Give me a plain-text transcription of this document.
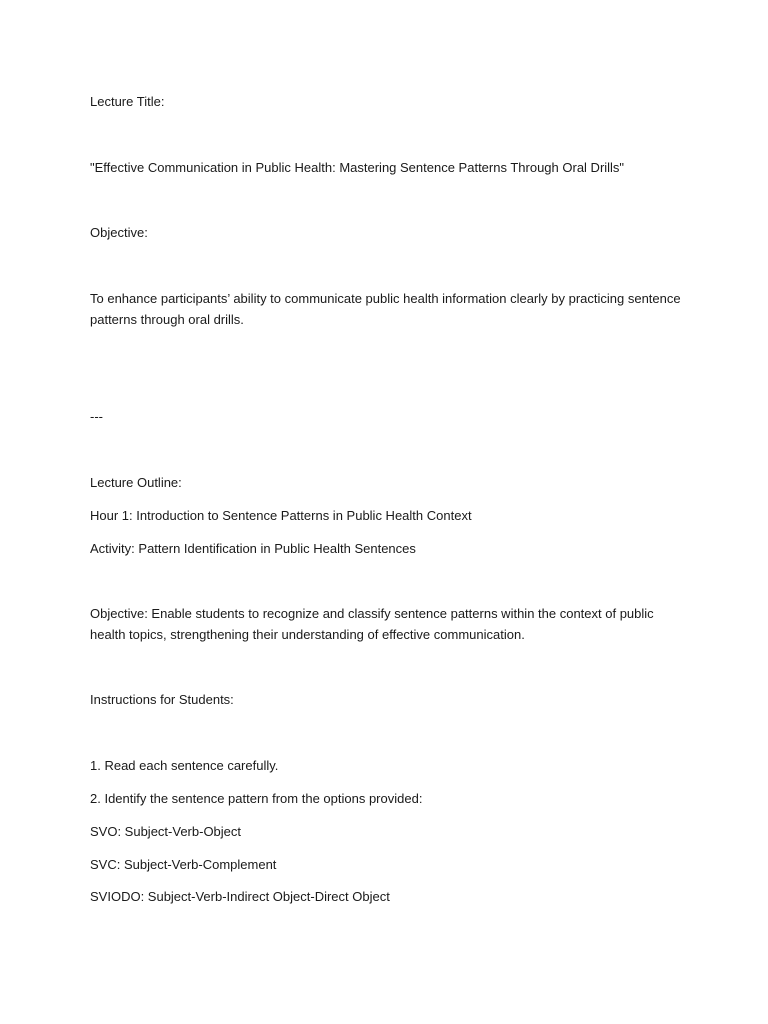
Lecture Title:
"Effective Communication in Public Health: Mastering Sentence Patterns Through Oral Drills"
Objective:
To enhance participants’ ability to communicate public health information clearly by practicing sentence patterns through oral drills.
---
Lecture Outline:
Hour 1: Introduction to Sentence Patterns in Public Health Context
Activity: Pattern Identification in Public Health Sentences
Objective: Enable students to recognize and classify sentence patterns within the context of public health topics, strengthening their understanding of effective communication.
Instructions for Students:
1. Read each sentence carefully.
2. Identify the sentence pattern from the options provided:
SVO: Subject-Verb-Object
SVC: Subject-Verb-Complement
SVIODO: Subject-Verb-Indirect Object-Direct Object
